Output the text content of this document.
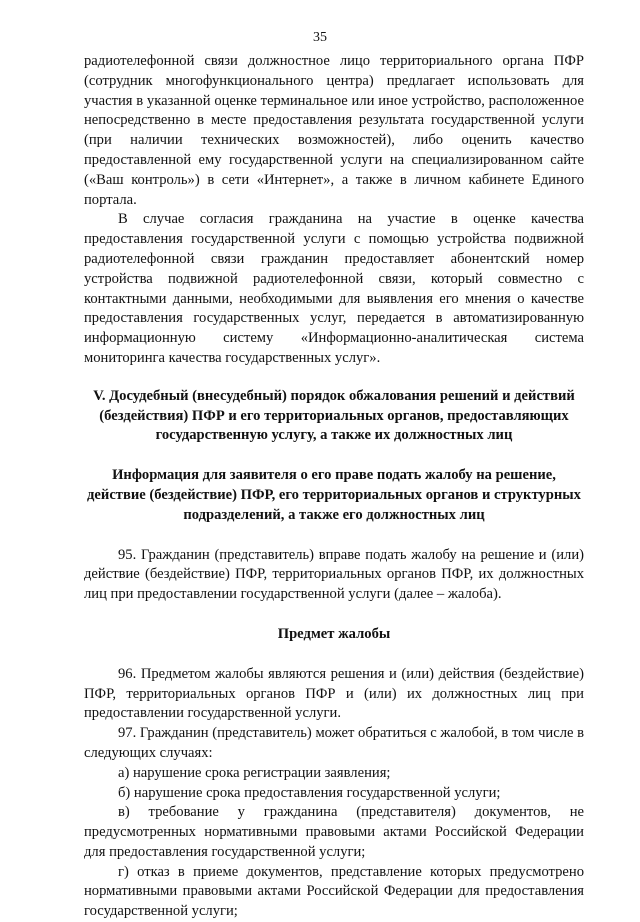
35

радиотелефонной связи должностное лицо территориального органа ПФР (сотрудник многофункционального центра) предлагает использовать для участия в указанной оценке терминальное или иное устройство, расположенное непосредственно в месте предоставления результата государственной услуги (при наличии технических возможностей), либо оценить качество предоставленной ему государственной услуги на специализированном сайте («Ваш контроль») в сети «Интернет», а также в личном кабинете Единого портала.

В случае согласия гражданина на участие в оценке качества предоставления государственной услуги с помощью устройства подвижной радиотелефонной связи гражданин предоставляет абонентский номер устройства подвижной радиотелефонной связи, который совместно с контактными данными, необходимыми для выявления его мнения о качестве предоставления государственных услуг, передается в автоматизированную информационную систему «Информационно-аналитическая система мониторинга качества государственных услуг».

V. Досудебный (внесудебный) порядок обжалования решений и действий (бездействия) ПФР и его территориальных органов, предоставляющих государственную услугу, а также их должностных лиц

Информация для заявителя о его праве подать жалобу на решение, действие (бездействие) ПФР, его территориальных органов и структурных подразделений, а также его должностных лиц

95. Гражданин (представитель) вправе подать жалобу на решение и (или) действие (бездействие) ПФР, территориальных органов ПФР, их должностных лиц при предоставлении государственной услуги (далее – жалоба).

Предмет жалобы

96. Предметом жалобы являются решения и (или) действия (бездействие) ПФР, территориальных органов ПФР и (или) их должностных лиц при предоставлении государственной услуги.

97. Гражданин (представитель) может обратиться с жалобой, в том числе в следующих случаях:

а) нарушение срока регистрации заявления;

б) нарушение срока предоставления государственной услуги;

в) требование у гражданина (представителя) документов, не предусмотренных нормативными правовыми актами Российской Федерации для предоставления государственной услуги;

г) отказ в приеме документов, представление которых предусмотрено нормативными правовыми актами Российской Федерации для предоставления государственной услуги;
